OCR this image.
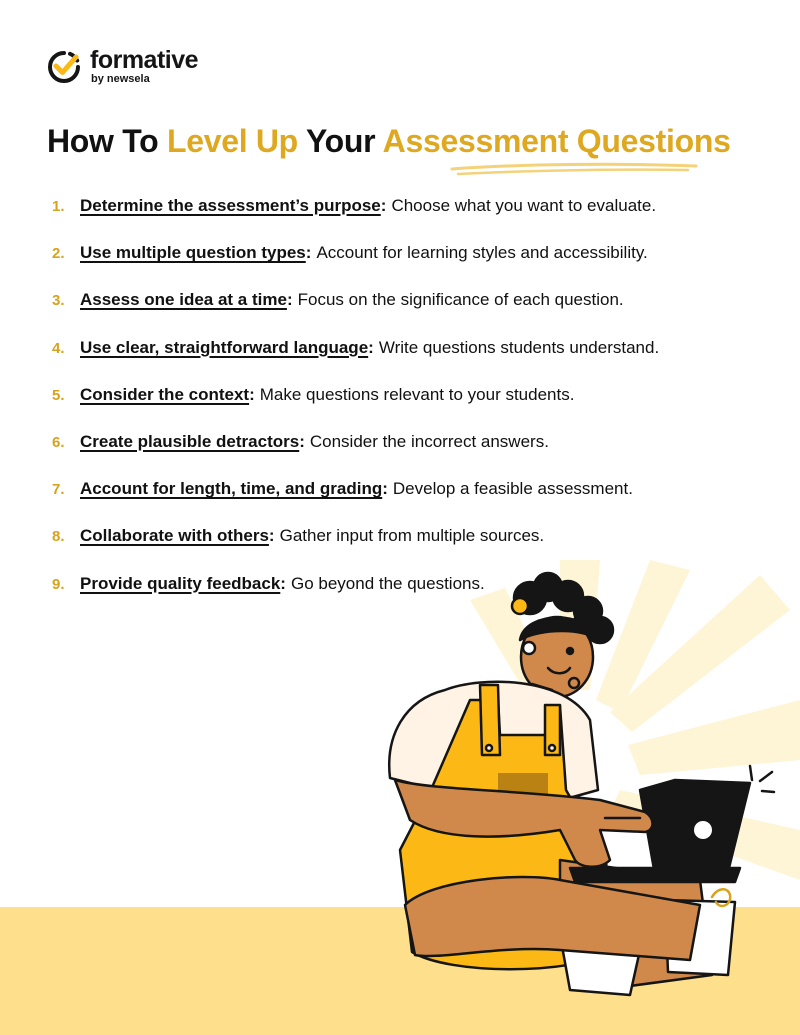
formative
by newsela
How To Level Up Your Assessment Questions
1. Determine the assessment’s purpose : Choose what you want to evaluate.
2. Use multiple question types : Account for learning styles and accessibility.
3. Assess one idea at a time : Focus on the significance of each question.
4. Use clear, straightforward language : Write questions students understand.
5. Consider the context : Make questions relevant to your students.
6. Create plausible detractors : Consider the incorrect answers.
7. Account for length, time, and grading : Develop a feasible assessment.
8. Collaborate with others : Gather input from multiple sources.
9. Provide quality feedback : Go beyond the questions.
